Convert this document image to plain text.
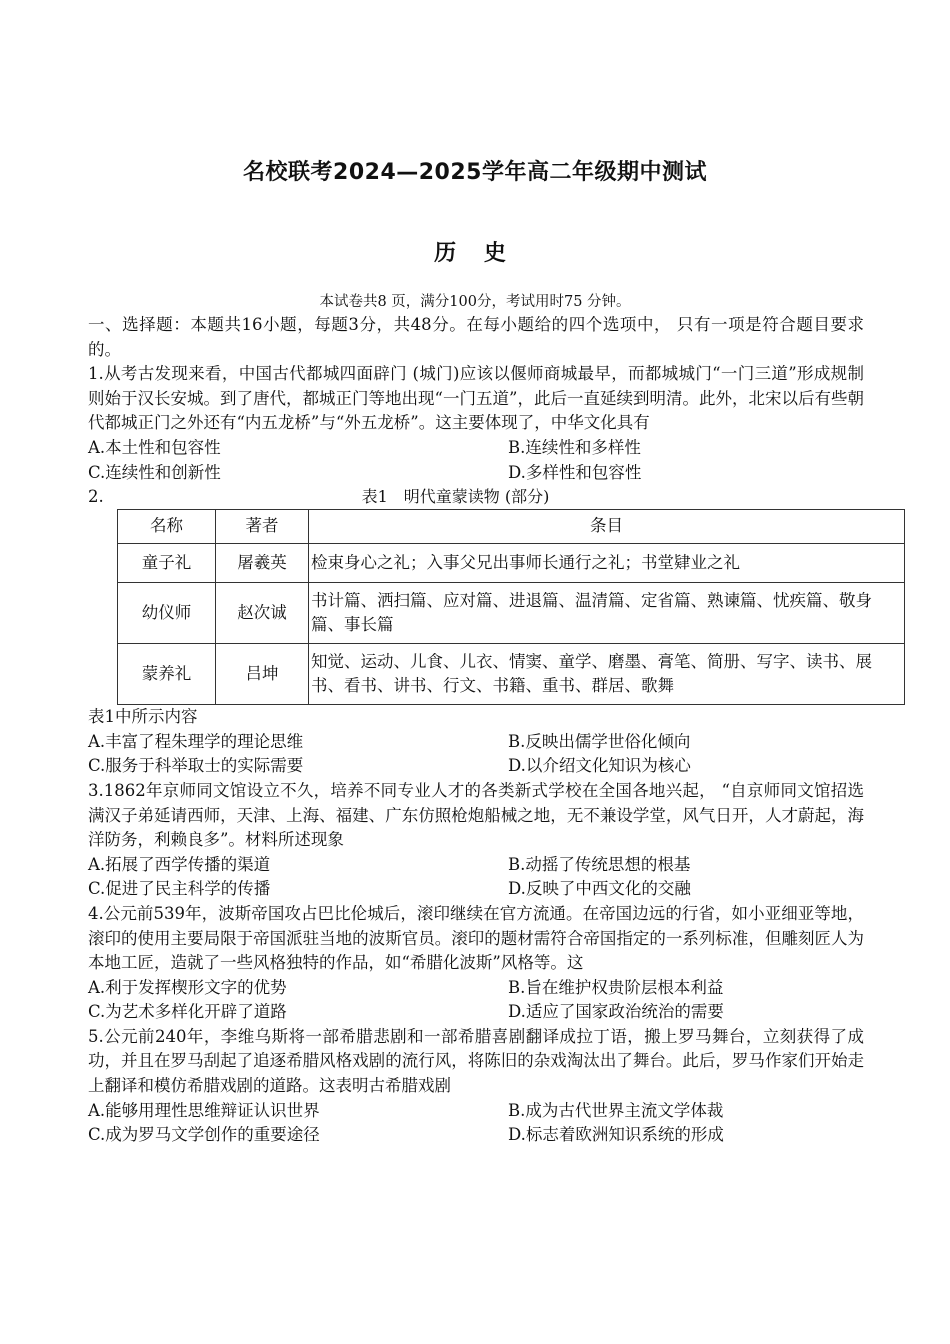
名校联考2024—2025学年高二年级期中测试
历 史
本试卷共8 页，满分100分，考试用时75 分钟。

一、选择题：本题共16小题，每题3分，共48分。在每小题给的四个选项中， 只有一项是符合题目要求的。

1.从考古发现来看，中国古代都城四面辟门 (城门)应该以偃师商城最早，而都城城门“一门三道”形成规制则始于汉长安城。到了唐代，都城正门等地出现“一门五道”，此后一直延续到明清。此外，北宋以后有些朝代都城正门之外还有“内五龙桥”与“外五龙桥”。这主要体现了，中华文化具有

A.本土性和包容性	B.连续性和多样性
C.连续性和创新性	D.多样性和包容性
2.	表1　明代童蒙读物 (部分)
名称	著者	条目
童子礼	屠羲英	检束身心之礼；入事父兄出事师长通行之礼；书堂肄业之礼
幼仪师	赵次诚	书计篇、洒扫篇、应对篇、进退篇、温清篇、定省篇、熟谏篇、忧疾篇、敬身篇、事长篇
蒙养礼	吕坤	知觉、运动、儿食、儿衣、情窦、童学、磨墨、膏笔、简册、写字、读书、展书、看书、讲书、行文、书籍、重书、群居、歌舞

表1中所示内容

A.丰富了程朱理学的理论思维	B.反映出儒学世俗化倾向
C.服务于科举取士的实际需要	D.以介绍文化知识为核心

3.1862年京师同文馆设立不久，培养不同专业人才的各类新式学校在全国各地兴起， “自京师同文馆招选满汉子弟延请西师，天津、上海、福建、广东仿照枪炮船械之地，无不兼设学堂，风气日开，人才蔚起，海洋防务，利赖良多”。材料所述现象

A.拓展了西学传播的渠道	B.动摇了传统思想的根基
C.促进了民主科学的传播	D.反映了中西文化的交融

4.公元前539年，波斯帝国攻占巴比伦城后，滚印继续在官方流通。在帝国边远的行省，如小亚细亚等地，滚印的使用主要局限于帝国派驻当地的波斯官员。滚印的题材需符合帝国指定的一系列标准，但雕刻匠人为本地工匠，造就了一些风格独特的作品，如“希腊化波斯”风格等。这

A.利于发挥楔形文字的优势	B.旨在维护权贵阶层根本利益
C.为艺术多样化开辟了道路	D.适应了国家政治统治的需要

5.公元前240年，李维乌斯将一部希腊悲剧和一部希腊喜剧翻译成拉丁语，搬上罗马舞台，立刻获得了成功，并且在罗马刮起了追逐希腊风格戏剧的流行风，将陈旧的杂戏淘汰出了舞台。此后，罗马作家们开始走上翻译和模仿希腊戏剧的道路。这表明古希腊戏剧

A.能够用理性思维辩证认识世界	B.成为古代世界主流文学体裁
C.成为罗马文学创作的重要途径	D.标志着欧洲知识系统的形成
